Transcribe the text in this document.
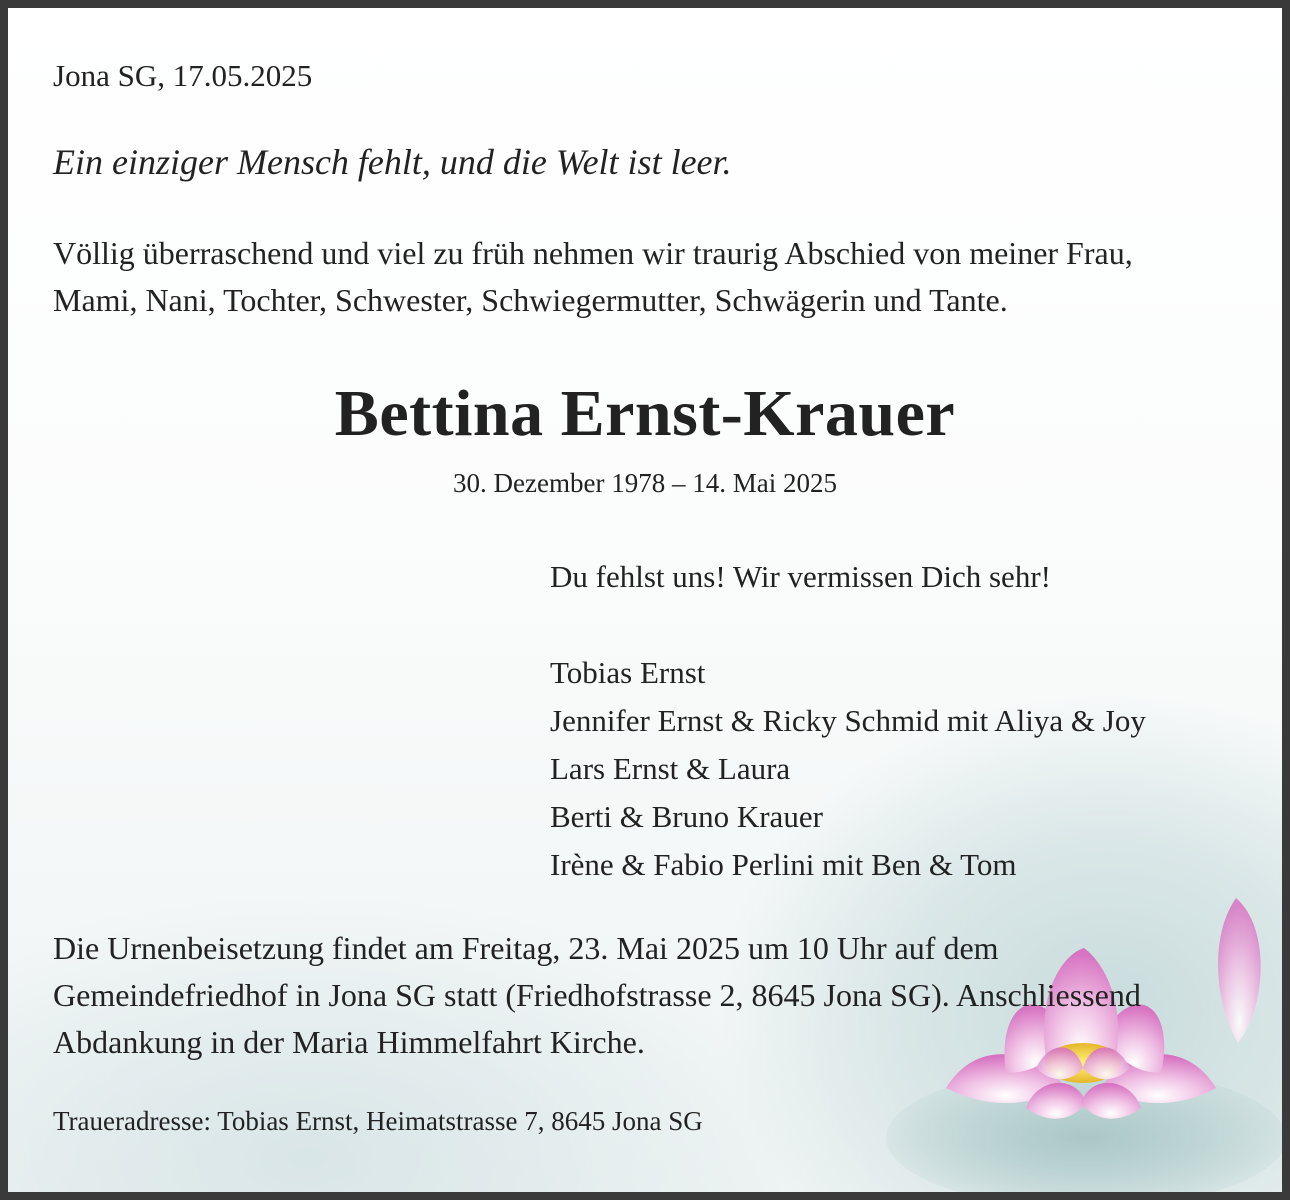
Jona SG, 17.05.2025
Ein einziger Mensch fehlt, und die Welt ist leer.
Völlig überraschend und viel zu früh nehmen wir traurig Abschied von meiner Frau,
Mami, Nani, Tochter, Schwester, Schwiegermutter, Schwägerin und Tante.
Bettina Ernst-Krauer
30. Dezember 1978 – 14. Mai 2025
Du fehlst uns! Wir vermissen Dich sehr!
Tobias Ernst
Jennifer Ernst & Ricky Schmid mit Aliya & Joy
Lars Ernst & Laura
Berti & Bruno Krauer
Irène & Fabio Perlini mit Ben & Tom
Die Urnenbeisetzung findet am Freitag, 23. Mai 2025 um 10 Uhr auf dem
Gemeindefriedhof in Jona SG statt (Friedhofstrasse 2, 8645 Jona SG). Anschliessend
Abdankung in der Maria Himmelfahrt Kirche.
Traueradresse: Tobias Ernst, Heimatstrasse 7, 8645 Jona SG
